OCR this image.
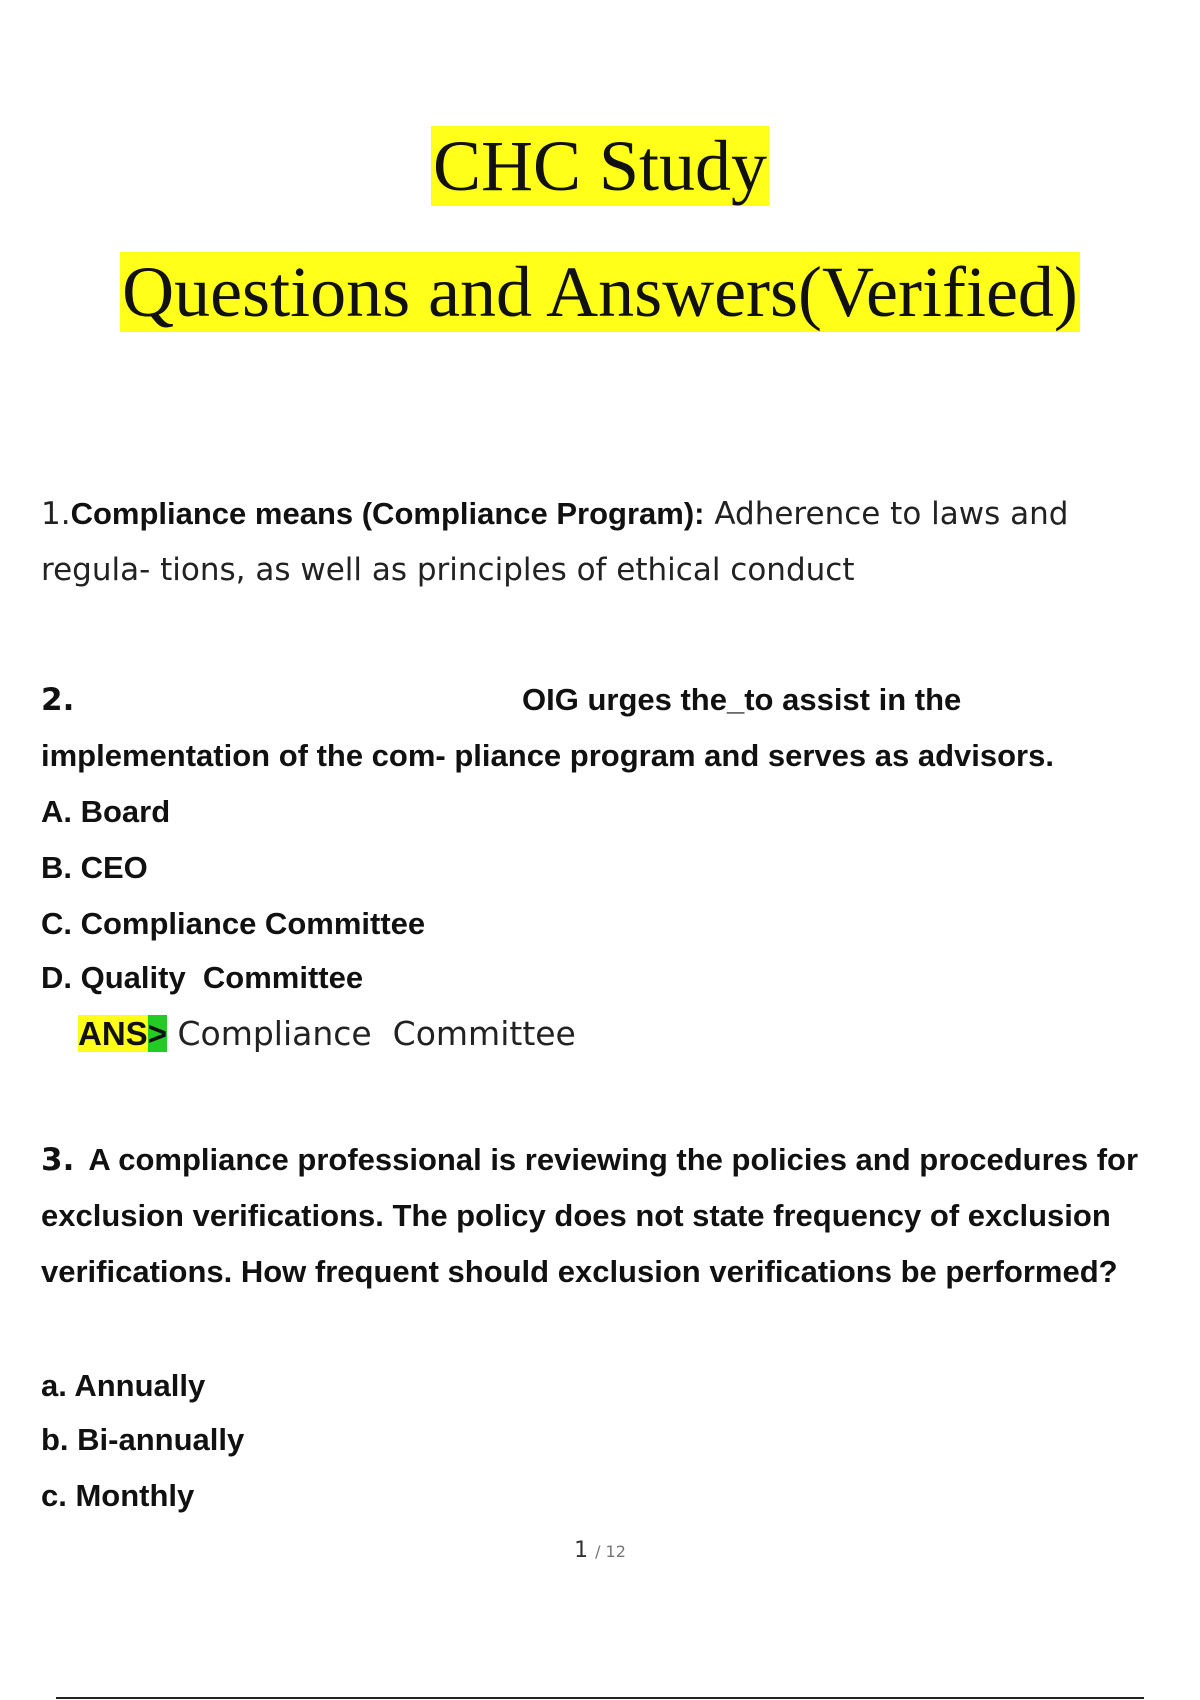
CHC Study
Questions and Answers(Verified)
1.Compliance means (Compliance Program): Adherence to laws and regula- tions, as well as principles of ethical conduct
2.	OIG urges the_to assist in the
implementation of the com- pliance program and serves as advisors.
A. Board
B. CEO
C. Compliance Committee
D. Quality  Committee
ANS> Compliance  Committee
3. A compliance professional is reviewing the policies and procedures for exclusion verifications. The policy does not state frequency of exclusion verifications. How frequent should exclusion verifications be performed?
a. Annually
b. Bi-annually
c. Monthly
1 / 12
